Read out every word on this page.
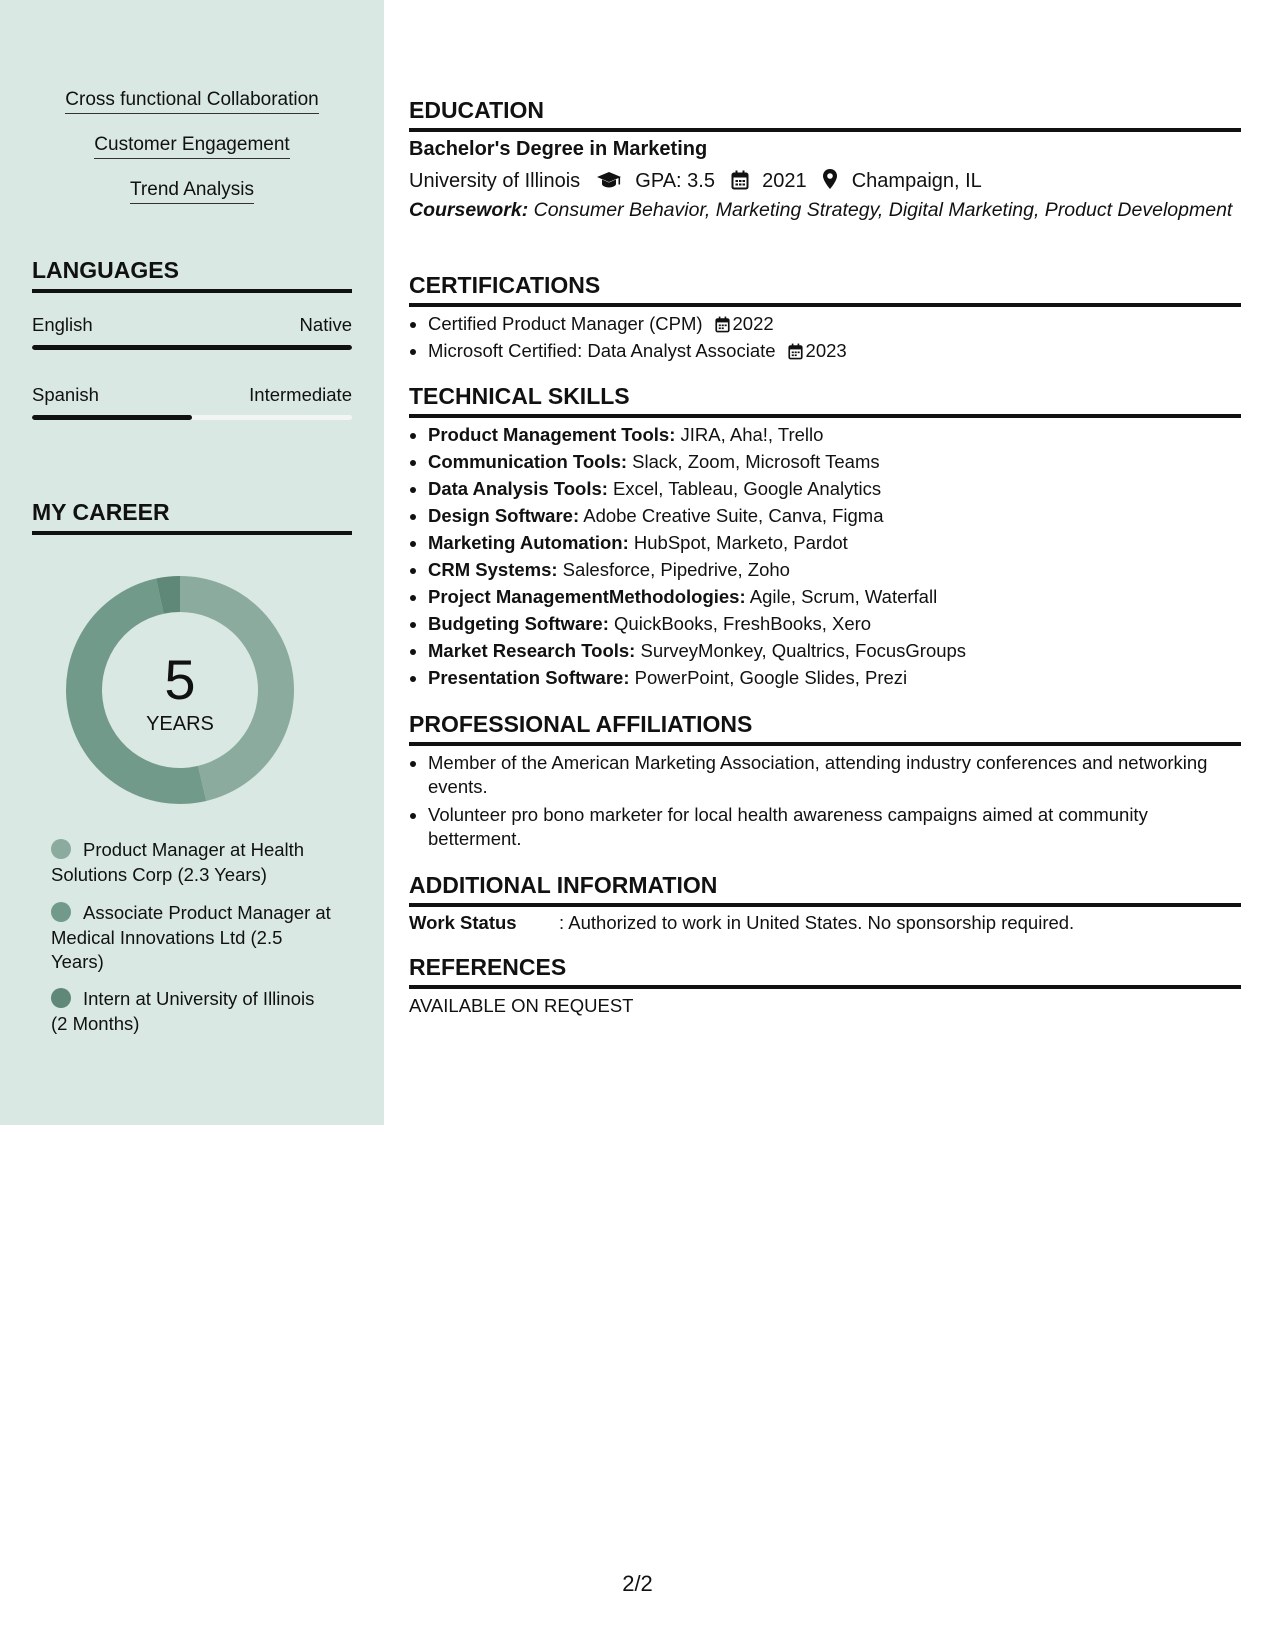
Cross functional Collaboration
Customer Engagement
Trend Analysis
LANGUAGES
English	Native
Spanish	Intermediate
MY CAREER
5
YEARS
Product Manager at Health Solutions Corp (2.3 Years)
Associate Product Manager at Medical Innovations Ltd (2.5 Years)
Intern at University of Illinois (2 Months)
EDUCATION
Bachelor's Degree in Marketing
University of Illinois	GPA: 3.5 2021 Champaign, IL
Coursework: Consumer Behavior, Marketing Strategy, Digital Marketing, Product Development
CERTIFICATIONS
• Certified Product Manager (CPM) 2022
• Microsoft Certified: Data Analyst Associate 2023
TECHNICAL SKILLS
• Product Management Tools: JIRA, Aha!, Trello
• Communication Tools: Slack, Zoom, Microsoft Teams
• Data Analysis Tools: Excel, Tableau, Google Analytics
• Design Software: Adobe Creative Suite, Canva, Figma
• Marketing Automation: HubSpot, Marketo, Pardot
• CRM Systems: Salesforce, Pipedrive, Zoho
• Project ManagementMethodologies: Agile, Scrum, Waterfall
• Budgeting Software: QuickBooks, FreshBooks, Xero
• Market Research Tools: SurveyMonkey, Qualtrics, FocusGroups
• Presentation Software: PowerPoint, Google Slides, Prezi
PROFESSIONAL AFFILIATIONS
• Member of the American Marketing Association, attending industry conferences and networking events.
• Volunteer pro bono marketer for local health awareness campaigns aimed at community betterment.
ADDITIONAL INFORMATION
Work Status : Authorized to work in United States. No sponsorship required.
REFERENCES
AVAILABLE ON REQUEST
2/2
